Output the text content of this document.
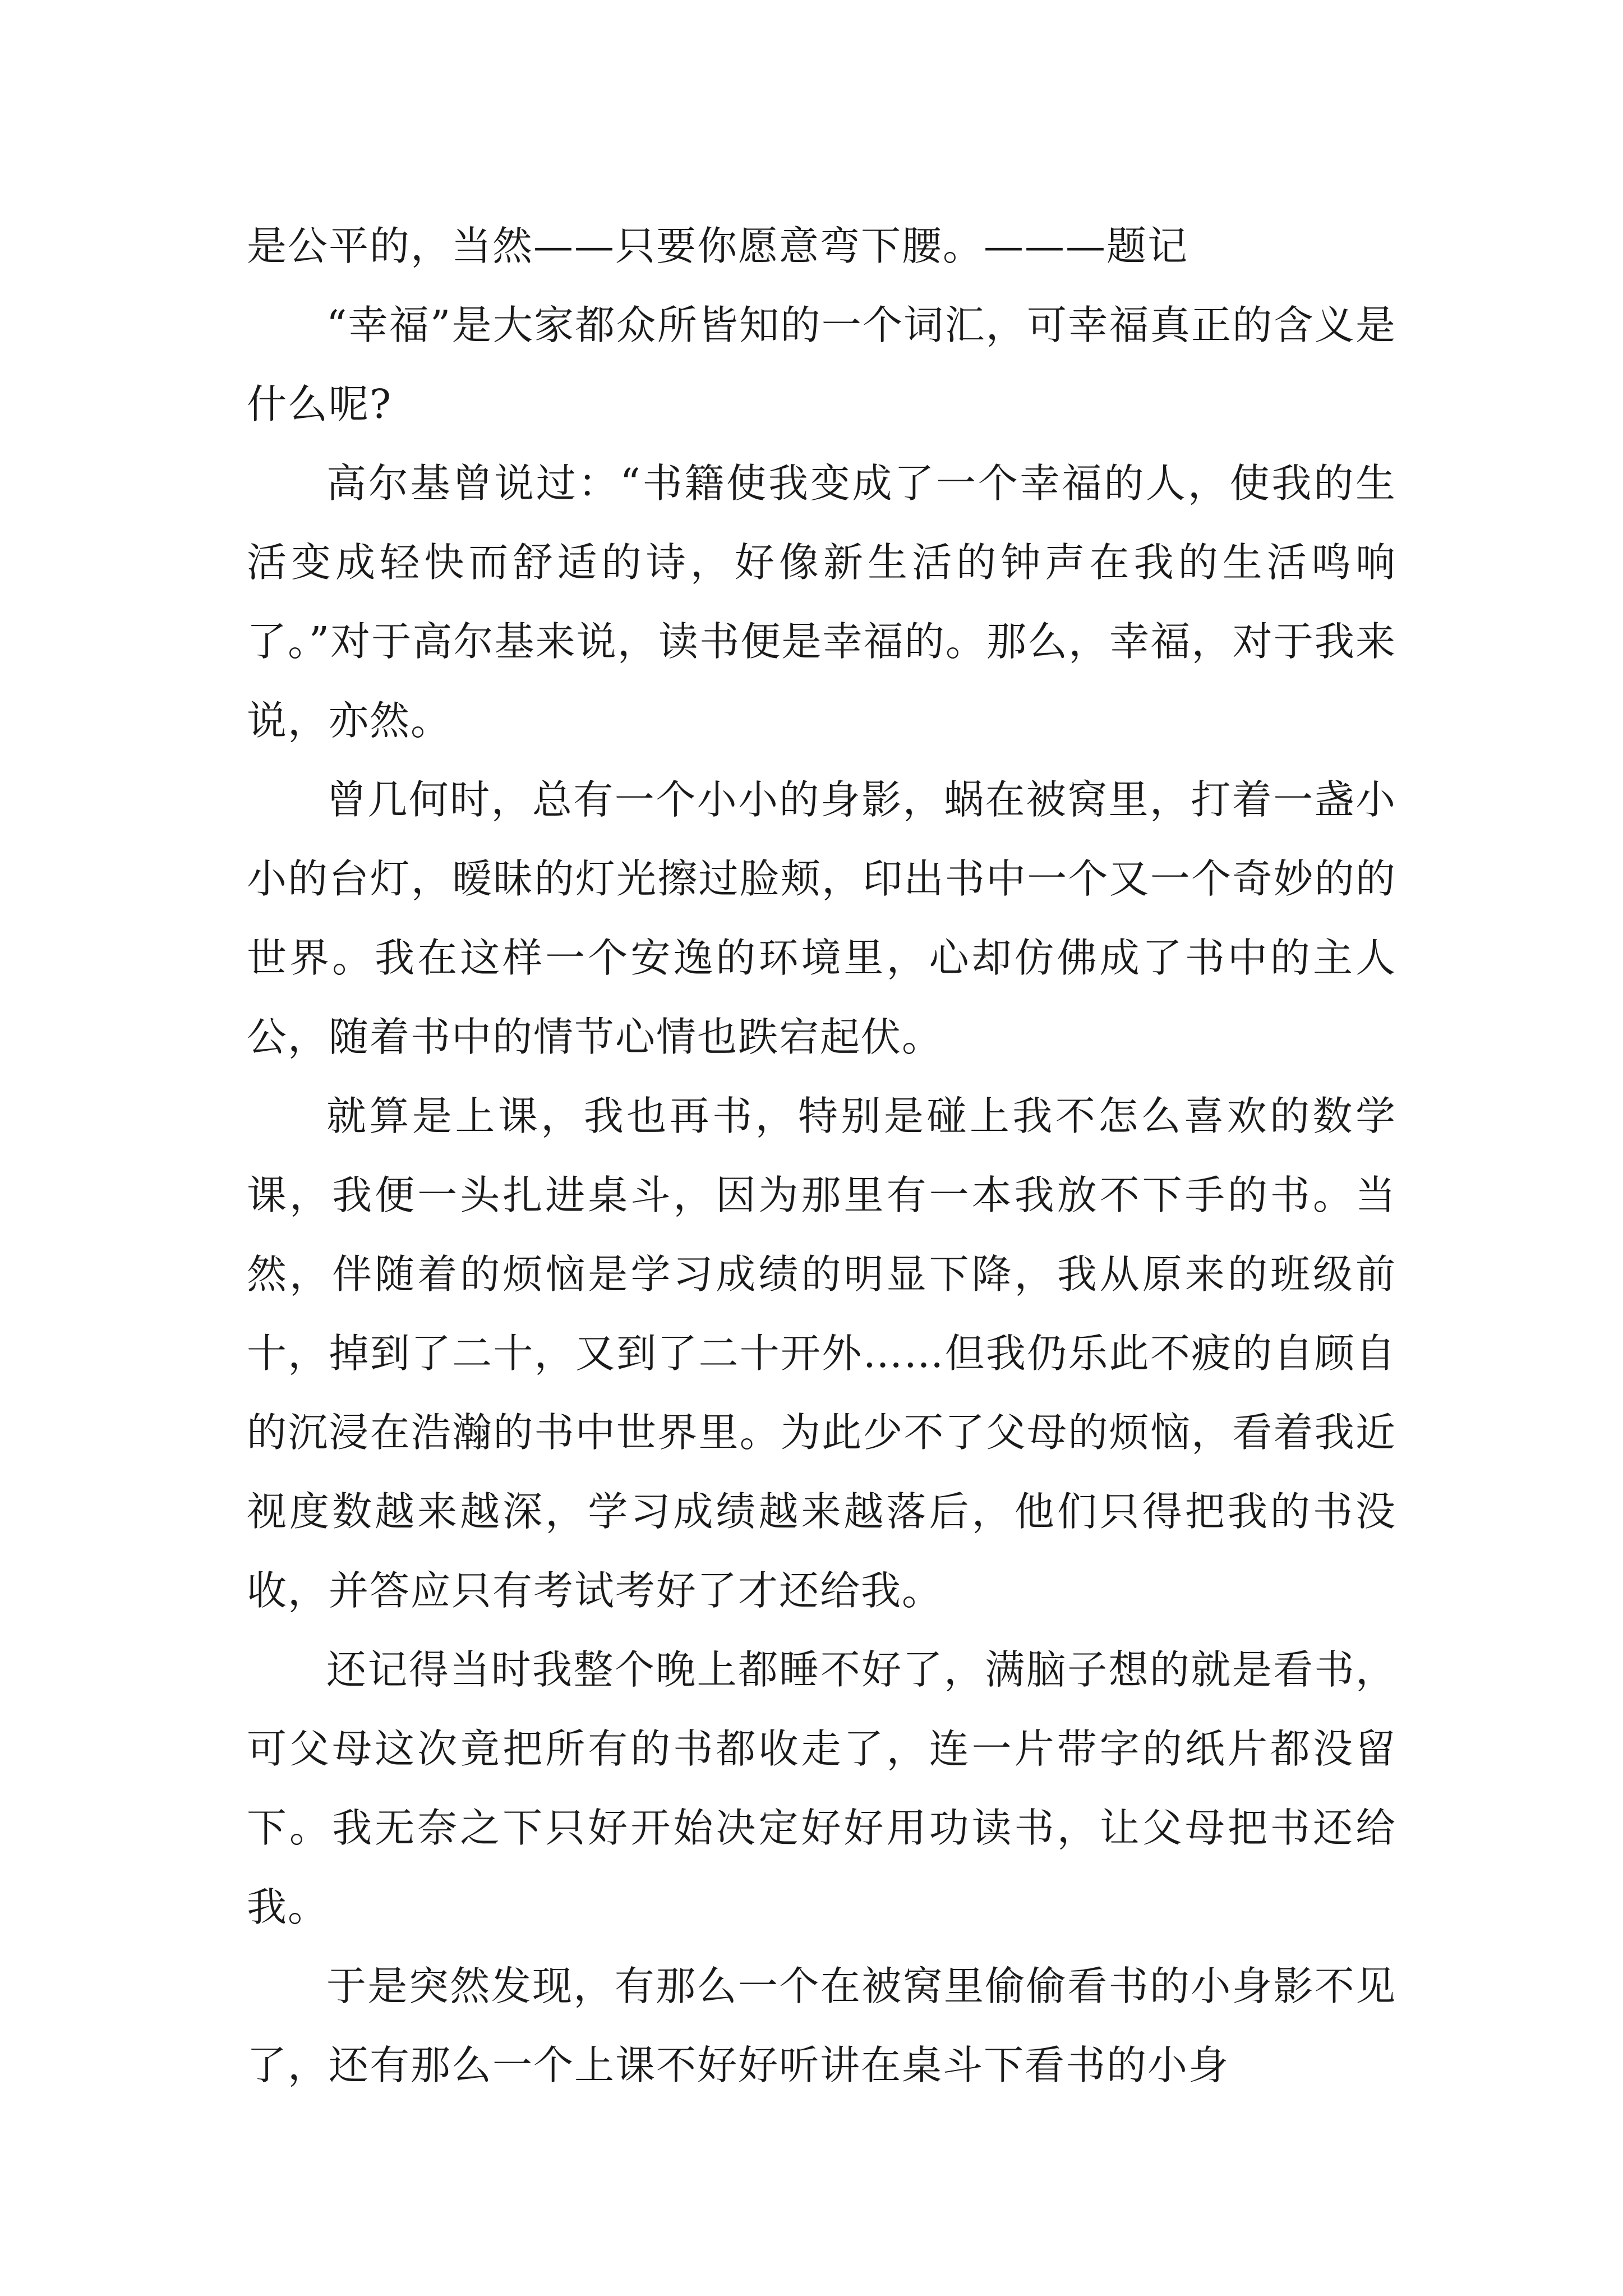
是公平的，当然——只要你愿意弯下腰。———题记

“幸福”是大家都众所皆知的一个词汇，可幸福真正的含义是什么呢?

高尔基曾说过：“书籍使我变成了一个幸福的人，使我的生活变成轻快而舒适的诗，好像新生活的钟声在我的生活鸣响了。”对于高尔基来说，读书便是幸福的。那么，幸福，对于我来说，亦然。

曾几何时，总有一个小小的身影，蜗在被窝里，打着一盏小小的台灯，暧昧的灯光擦过脸颊，印出书中一个又一个奇妙的的世界。我在这样一个安逸的环境里，心却仿佛成了书中的主人公，随着书中的情节心情也跌宕起伏。

就算是上课，我也再书，特别是碰上我不怎么喜欢的数学课，我便一头扎进桌斗，因为那里有一本我放不下手的书。当然，伴随着的烦恼是学习成绩的明显下降，我从原来的班级前十，掉到了二十，又到了二十开外……但我仍乐此不疲的自顾自的沉浸在浩瀚的书中世界里。为此少不了父母的烦恼，看着我近视度数越来越深，学习成绩越来越落后，他们只得把我的书没收，并答应只有考试考好了才还给我。

还记得当时我整个晚上都睡不好了，满脑子想的就是看书，可父母这次竟把所有的书都收走了，连一片带字的纸片都没留下。我无奈之下只好开始决定好好用功读书，让父母把书还给我。

于是突然发现，有那么一个在被窝里偷偷看书的小身影不见了，还有那么一个上课不好好听讲在桌斗下看书的小身
